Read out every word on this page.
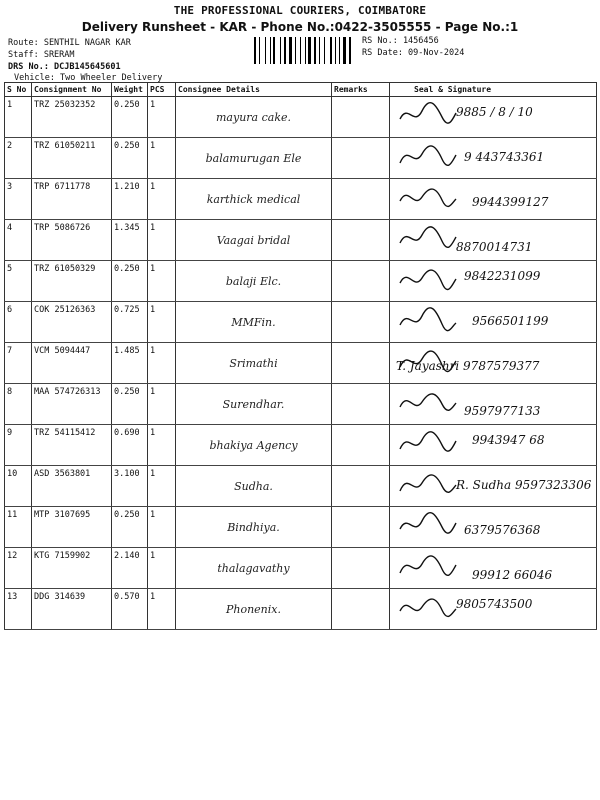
THE PROFESSIONAL COURIERS, COIMBATORE
Delivery Runsheet - KAR - Phone No.:0422-3505555 - Page No.:1
Route: SENTHIL NAGAR KAR
Staff: SRERAM
DRS No.: DCJB145645601
Vehicle: Two Wheeler Delivery
RS No.: 1456456
RS Date: 09-Nov-2024
S No	Consignment No	Weight	PCS	Consignee Details	Remarks	Seal & Signature
1	TRZ 25032352	0.250	1	mayura cake.		9885 / 8 / 10

2	TRZ 61050211	0.250	1	balamurugan Ele		9 443743361

3	TRP 6711778	1.210	1	karthick medical		9944399127

4	TRP 5086726	1.345	1	Vaagai bridal		8870014731

5	TRZ 61050329	0.250	1	balaji Elc.		9842231099

6	COK 25126363	0.725	1	MMFin.		9566501199

7	VCM 5094447	1.485	1	Srimathi		T. Jayashri 9787579377

8	MAA 574726313	0.250	1	Surendhar.		9597977133

9	TRZ 54115412	0.690	1	bhakiya Agency		9943947 68

10	ASD 3563801	3.100	1	Sudha.		R. Sudha 9597323306

11	MTP 3107695	0.250	1	Bindhiya.		6379576368

12	KTG 7159902	2.140	1	thalagavathy		99912 66046

13	DDG 314639	0.570	1	Phonenix.		9805743500
